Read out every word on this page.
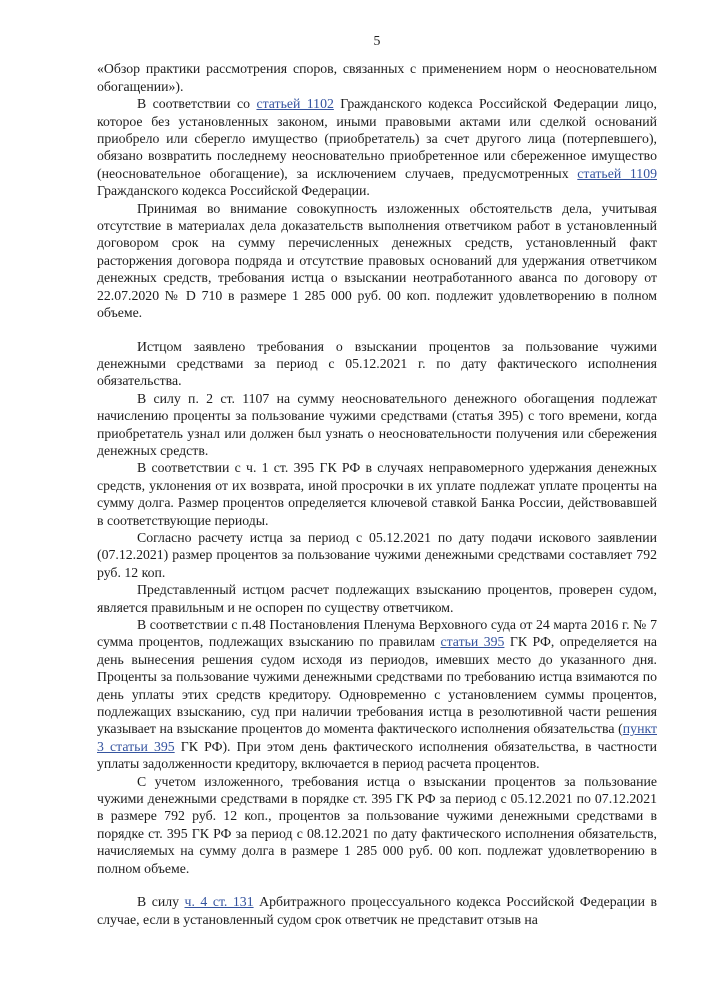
5

«Обзор практики рассмотрения споров, связанных с применением норм о неосновательном обогащении»).

В соответствии со статьей 1102 Гражданского кодекса Российской Федерации лицо, которое без установленных законом, иными правовыми актами или сделкой оснований приобрело или сберегло имущество (приобретатель) за счет другого лица (потерпевшего), обязано возвратить последнему неосновательно приобретенное или сбереженное имущество (неосновательное обогащение), за исключением случаев, предусмотренных статьей 1109 Гражданского кодекса Российской Федерации.

Принимая во внимание совокупность изложенных обстоятельств дела, учитывая отсутствие в материалах дела доказательств выполнения ответчиком работ в установленный договором срок на сумму перечисленных денежных средств, установленный факт расторжения договора подряда и отсутствие правовых оснований для удержания ответчиком денежных средств, требования истца о взыскании неотработанного аванса по договору от 22.07.2020 № D 710 в размере 1 285 000 руб. 00 коп. подлежит удовлетворению в полном объеме.

Истцом заявлено требования о взыскании процентов за пользование чужими денежными средствами за период с 05.12.2021 г. по дату фактического исполнения обязательства.

В силу п. 2 ст. 1107 на сумму неосновательного денежного обогащения подлежат начислению проценты за пользование чужими средствами (статья 395) с того времени, когда приобретатель узнал или должен был узнать о неосновательности получения или сбережения денежных средств.

В соответствии с ч. 1 ст. 395 ГК РФ в случаях неправомерного удержания денежных средств, уклонения от их возврата, иной просрочки в их уплате подлежат уплате проценты на сумму долга. Размер процентов определяется ключевой ставкой Банка России, действовавшей в соответствующие периоды.

Согласно расчету истца за период с 05.12.2021 по дату подачи искового заявлении (07.12.2021) размер процентов за пользование чужими денежными средствами составляет 792 руб. 12 коп.

Представленный истцом расчет подлежащих взысканию процентов, проверен судом, является правильным и не оспорен по существу ответчиком.

В соответствии с п.48 Постановления Пленума Верховного суда от 24 марта 2016 г. № 7 сумма процентов, подлежащих взысканию по правилам статьи 395 ГК РФ, определяется на день вынесения решения судом исходя из периодов, имевших место до указанного дня. Проценты за пользование чужими денежными средствами по требованию истца взимаются по день уплаты этих средств кредитору. Одновременно с установлением суммы процентов, подлежащих взысканию, суд при наличии требования истца в резолютивной части решения указывает на взыскание процентов до момента фактического исполнения обязательства (пункт 3 статьи 395 ГК РФ). При этом день фактического исполнения обязательства, в частности уплаты задолженности кредитору, включается в период расчета процентов.

С учетом изложенного, требования истца о взыскании процентов за пользование чужими денежными средствами в порядке ст. 395 ГК РФ за период с 05.12.2021 по 07.12.2021 в размере 792 руб. 12 коп., процентов за пользование чужими денежными средствами в порядке ст. 395 ГК РФ за период с 08.12.2021 по дату фактического исполнения обязательств, начисляемых на сумму долга в размере 1 285 000 руб. 00 коп. подлежат удовлетворению в полном объеме.

В силу ч. 4 ст. 131 Арбитражного процессуального кодекса Российской Федерации в случае, если в установленный судом срок ответчик не представит отзыв на
